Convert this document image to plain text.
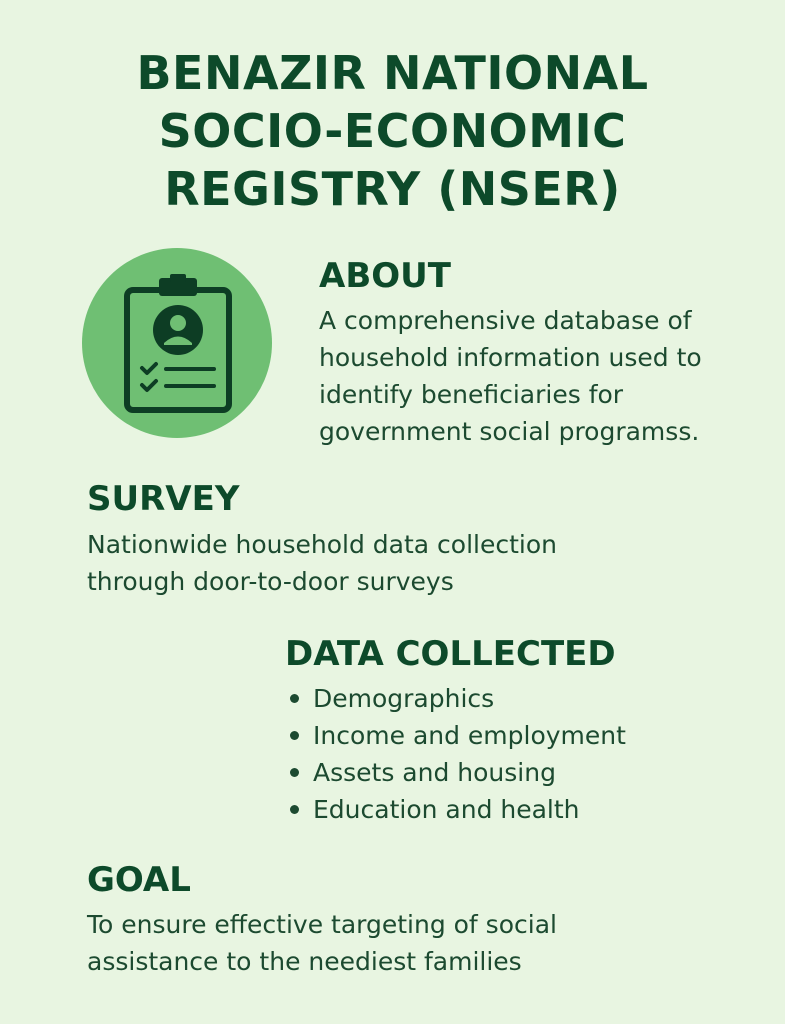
BENAZIR NATIONAL
SOCIO-ECONOMIC
REGISTRY (NSER)
ABOUT

A comprehensive database of
household information used to
identify beneficiaries for
government social programss.

SURVEY

Nationwide household data collection
through door-to-door surveys

DATA COLLECTED
Demographics
Income and employment
Assets and housing
Education and health
GOAL

To ensure effective targeting of social
assistance to the neediest families
